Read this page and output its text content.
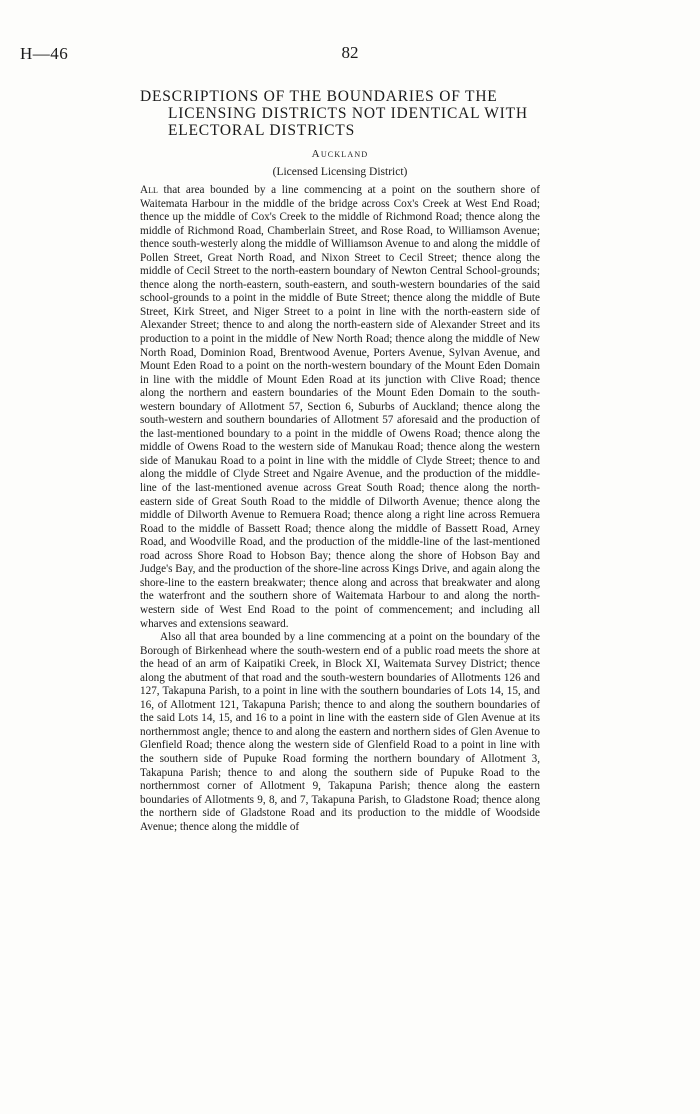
H—46	82
DESCRIPTIONS OF THE BOUNDARIES OF THE
LICENSING DISTRICTS NOT IDENTICAL WITH
ELECTORAL DISTRICTS
Auckland
(Licensed Licensing District)

All that area bounded by a line commencing at a point on the southern shore of Waitemata Harbour in the middle of the bridge across Cox's Creek at West End Road; thence up the middle of Cox's Creek to the middle of Richmond Road; thence along the middle of Richmond Road, Chamberlain Street, and Rose Road, to Williamson Avenue; thence south-westerly along the middle of Williamson Avenue to and along the middle of Pollen Street, Great North Road, and Nixon Street to Cecil Street; thence along the middle of Cecil Street to the north-eastern boundary of Newton Central School-grounds; thence along the north-eastern, south-eastern, and south-western boundaries of the said school-grounds to a point in the middle of Bute Street; thence along the middle of Bute Street, Kirk Street, and Niger Street to a point in line with the north-eastern side of Alexander Street; thence to and along the north-eastern side of Alexander Street and its production to a point in the middle of New North Road; thence along the middle of New North Road, Dominion Road, Brentwood Avenue, Porters Avenue, Sylvan Avenue, and Mount Eden Road to a point on the north-western boundary of the Mount Eden Domain in line with the middle of Mount Eden Road at its junction with Clive Road; thence along the northern and eastern boundaries of the Mount Eden Domain to the south-western boundary of Allotment 57, Section 6, Suburbs of Auckland; thence along the south-western and southern boundaries of Allotment 57 aforesaid and the production of the last-mentioned boundary to a point in the middle of Owens Road; thence along the middle of Owens Road to the western side of Manukau Road; thence along the western side of Manukau Road to a point in line with the middle of Clyde Street; thence to and along the middle of Clyde Street and Ngaire Avenue, and the production of the middle-line of the last-mentioned avenue across Great South Road; thence along the north-eastern side of Great South Road to the middle of Dilworth Avenue; thence along the middle of Dilworth Avenue to Remuera Road; thence along a right line across Remuera Road to the middle of Bassett Road; thence along the middle of Bassett Road, Arney Road, and Woodville Road, and the production of the middle-line of the last-mentioned road across Shore Road to Hobson Bay; thence along the shore of Hobson Bay and Judge's Bay, and the production of the shore-line across Kings Drive, and again along the shore-line to the eastern breakwater; thence along and across that breakwater and along the waterfront and the southern shore of Waitemata Harbour to and along the north-western side of West End Road to the point of commencement; and including all wharves and extensions seaward.

Also all that area bounded by a line commencing at a point on the boundary of the Borough of Birkenhead where the south-western end of a public road meets the shore at the head of an arm of Kaipatiki Creek, in Block XI, Waitemata Survey District; thence along the abutment of that road and the south-western boundaries of Allotments 126 and 127, Takapuna Parish, to a point in line with the southern boundaries of Lots 14, 15, and 16, of Allotment 121, Takapuna Parish; thence to and along the southern boundaries of the said Lots 14, 15, and 16 to a point in line with the eastern side of Glen Avenue at its northernmost angle; thence to and along the eastern and northern sides of Glen Avenue to Glenfield Road; thence along the western side of Glenfield Road to a point in line with the southern side of Pupuke Road forming the northern boundary of Allotment 3, Takapuna Parish; thence to and along the southern side of Pupuke Road to the northernmost corner of Allotment 9, Takapuna Parish; thence along the eastern boundaries of Allotments 9, 8, and 7, Takapuna Parish, to Gladstone Road; thence along the northern side of Gladstone Road and its production to the middle of Woodside Avenue; thence along the middle of
